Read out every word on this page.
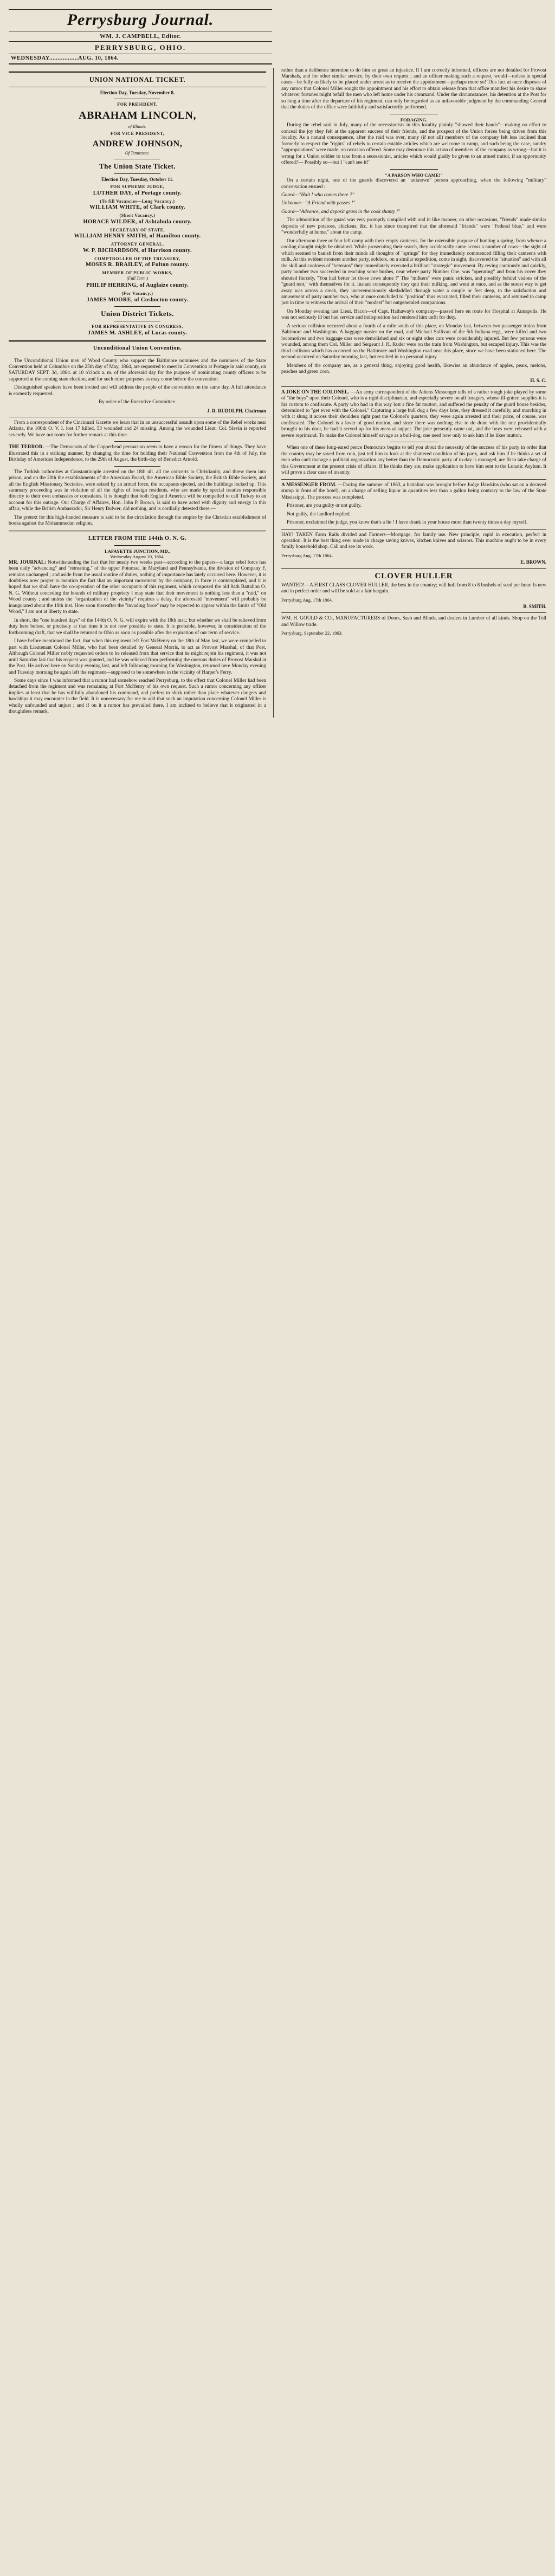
Perrysburg Journal.
WM. J. CAMPBELL, Editor.
PERRYSBURG, OHIO.
WEDNESDAY.................AUG. 10, 1864.
UNION NATIONAL TICKET.
Election Day, Tuesday, November 8.
FOR PRESIDENT,
ABRAHAM LINCOLN,
of Illinois.
FOR VICE PRESIDENT,
ANDREW JOHNSON,
Of Tennessee.
The Union State Ticket.
Election Day, Tuesday, October 11.
FOR SUPREME JUDGE,
LUTHER DAY, of Portage county.
(To fill Vacancies—Long Vacancy.)
WILLIAM WHITE, of Clark county.
(Short Vacancy.)
HORACE WILDER, of Ashtabula county.
SECRETARY OF STATE,
WILLIAM HENRY SMITH, of Hamilton county.
ATTORNEY GENERAL,
W. P. RICHARDSON, of Harrison county.
COMPTROLLER OF THE TREASURY,
MOSES R. BRAILEY, of Fulton county.
MEMBER OF PUBLIC WORKS,
(Full Term.)
PHILIP HERRING, of Auglaize county.
(For Vacancy.)
JAMES MOORE, of Coshocton county.
Union District Tickets.
FOR REPRESENTATIVE IN CONGRESS,
JAMES M. ASHLEY, of Lucas county.
Unconditional Union Convention.

The Unconditional Union men of Wood County who support the Baltimore nominees and the nominees of the State Convention held at Columbus on the 25th day of May, 1864, are requested to meet in Convention at Portage in said county, on SATURDAY SEPT. 3d, 1864. at 10 o'clock a. m. of the aforesaid day for the purpose of nominating county officers to be supported at the coming state election, and for such other purposes as may come before the convention.

Distinguished speakers have been invited and will address the people of the convention on the same day. A full attendance is earnestly requested.

By order of the Executive Committee.

J. R. RUDOLPH, Chairman

From a correspondent of the Cincinnati Gazette we learn that in an unsuccessful assault upon some of the Rebel works near Atlanta, the 100th O. V. I. lost 17 killed, 53 wounded and 24 missing. Among the wounded Lieut. Col. Slevin is reported severely. We have not room for further remark at this time.

THE TERROR. —The Democrats of the Copperhead persuasion seem to have a reason for the fitness of things. They have illustrated this in a striking manner, by changing the time for holding their National Convention from the 4th of July, the Birthday of American Independence, to the 29th of August, the birth-day of Benedict Arnold.

The Turkish authorities at Constantinople arrested on the 18th ult. all the converts to Christianity, and threw them into prison, and on the 20th the establishments of the American Board, the American Bible Society, the British Bible Society, and all the English Missionary Societies, were seized by an armed force, the occupants ejected, and the buildings locked up. This summary proceeding was in violation of all the rights of foreign residents, who are made by special treaties responsible directly to their own embassies or consulates. It is thought that both England America will be compelled to call Turkey to an account for this outrage. Our Charge d' Affaires, Hon. John P. Brown, is said to have acted with dignity and energy in this affair, while the British Ambassador, Sir Henry Bulwer, did nothing, and is cordially detested there.—

The pretext for this high-handed measure is said to be the circulation through the empire by the Christian establishment of books against the Mohammedan religion.

LETTER FROM THE 144th O. N. G.
LAFAYETTE JUNCTION, MD.,
Wednesday August 10, 1864.

MR. JOURNAL: Notwithstanding the fact that for nearly two weeks past—according to the papers—a large rebel force has been daily "advancing" and "retreating," of the upper Potomac, in Maryland and Pennsylvania, the division of Company F, remains unchanged ; and aside from the usual routine of duties, nothing of importance has lately occurred here. However, it is doubtless now proper to mention the fact that an important movement by the company, in force is contemplated, and it is hoped that we shall have the co-operation of the other occupants of this regiment, which composed the old 84th Battalion O. N. G. Without conceding the bounds of military propriety I may state that their movement is nothing less than a "raid," on Wood county ; and unless the "organization of the vicinity" requires a delay, the aforesaid "movement" will probably be inaugurated about the 18th inst. How soon thereafter the "invading force" may be expected to appear within the limits of "Old Wood," I am not at liberty to state.

In short, the "one hundred days" of the 144th O. N. G. will expire with the 18th inst.; but whether we shall be relieved from duty here before, or precisely at that time it is not now possible to state. It is probable, however, in consideration of the forthcoming draft, that we shall be returned to Ohio as soon as possible after the expiration of our term of service.

I have before mentioned the fact, that when this regiment left Fort McHenry on the 18th of May last, we were compelled to part with Lieutenant Colonel Miller, who had been detailed by General Morris, to act as Provost Marshal, of that Post. Although Colonel Miller nobly requested orders to be released from that service that he might rejoin his regiment, it was not until Saturday last that his request was granted, and he was relieved from performing the onerous duties of Provost Marshal at the Post. He arrived here on Sunday evening last, and left following morning for Washington, returned here Monday evening and Tuesday morning he again left the regiment—supposed to be somewhere in the vicinity of Harper's Ferry.

Some days since I was informed that a rumor had somehow reached Perrysburg, to the effect that Colonel Miller had been detached from the regiment and was remaining at Fort McHenry of his own request. Such a rumor concerning any officer implies at least that he has willfully abandoned his command, and prefers to shirk rather than place whatever dangers and hardships it may encounter in the field. It is unnecessary for me to add that such an imputation concerning Colonel Miller is wholly unfounded and unjust ; and if on it a rumor has prevailed there, I am inclined to believe that it originated in a thoughtless remark,

rather than a deliberate intention to do him so great an injustice. If I am correctly informed, officers are not detailed for Provost Marshals, and for other similar service, by their own request ; and an officer making such a request, would—unless in special cases—be fully as likely to be placed under arrest as to receive the appointment—perhaps more so! This fact at once disposes of any rumor that Colonel Miller sought the appointment and his effort to obtain release from that office manifest his desire to share whatever fortunes might befall the men who left home under his command. Under the circumstances, his detention at the Post for so long a time after the departure of his regiment, can only be regarded as an unfavorable judgment by the commanding General that the duties of the office were faithfully and satisfactorily performed.

FORAGING.

During the rebel raid in July, many of the secessionists in this locality plainly "showed their hands"—making no effort to conceal the joy they felt at the apparent success of their friends, and the prospect of the Union forces being driven from this locality. As a natural consequence, after the raid was over, many (if not all) members of the company felt less inclined than formerly to respect the "rights" of rebels to certain eatable articles which are welcome in camp, and such being the case, sundry "appropriations" were made, on occasion offered. Some may denounce this action of members of the company as wrong—but it is wrong for a Union soldier to take from a secessionist, articles which would gladly be given to an armed traitor, if an opportunity offered?— Possibly so—but I "can't see it!"

"A PARSON WHO CAME!"

On a certain night, one of the guards discovered an "unknown" person approaching, when the following "military" conversation ensued :

Guard—"Halt ! who comes there ?"

Unknown—"A Friend with passes !"

Guard—"Advance, and deposit grass in the cook shanty !"

The admonition of the guard was very promptly complied with and in like manner, on other occasions, "friends" made similar deposits of new potatoes, chickens, &c. it has since transpired that the aforesaid "friends" were "Federal blue," and were "wonderfully at home," about the camp.

Our afternoon three or four left camp with their empty canteens, for the ostensible purpose of hunting a spring, from whence a cooling draught might be obtained. While prosecuting their search, they accidentally came across a number of cows—the sight of which seemed to banish from their minds all thoughts of "springs" for they immediately commenced filling their canteens with milk. At this evident moment another party, soldiers, on a similar expedition, come in sight, discovered the "situation" and with all the skill and coolness of "veterans" they immediately executed a brilliant "strategic" movement. By reving cautiously and quickly, party number two succeeded in reaching some bushes, near where party Number One, was "operating" and from his cover they shouted fiercely, "You had better let those cows alone !" The "milkers" were panic stricken, and possibly behind visions of the "guard tent," with themselves for it. Instant consequently they quit their milking, and went at once, and as the surest way to get away was across a creek, they unceremoniously skedaddled through water a couple or feet deep, to the satisfaction and amusement of party number two, who at once concluded to "position" thus evacuated, filled their canteens, and returned to camp just in time to witness the arrival of their "modest" but outgeneraled companions.

On Monday evening last Lieut. Bacon—of Capt. Hathaway's company—passed here en route for Hospital at Annapolis. He was not seriously ill but had service and indisposition had rendered him unfit for duty.

A serious collision occurred about a fourth of a mile south of this place, on Monday last, between two passenger trains from Baltimore and Washington. A baggage master on the road, and Michael Sullivan of the 5th Indiana regt., were killed and two locomotives and two baggage cars were demolished and six or eight other cars were considerably injured. But few persons were wounded, among them Col. Miller and Sergeant J. H. Kuder were on the train from Washington, but escaped injury. This was the third collision which has occurred on the Baltimore and Washington road near this place, since we have been stationed here. The second occurred on Saturday morning last, but resulted in no personal injury.

Members of the company are, as a general thing, enjoying good health, likewise an abundance of apples, pears, melons, peaches and green corn.

H. S. C.

A JOKE ON THE COLONEL. —An army correspondent of the Athens Messenger tells of a rather rough joke played by some of "the boys" upon their Colonel, who is a rigid disciplinarian, and especially severe on all foragers, whose ill-gotten supplies it is his custom to confiscate. A party who had in this way lost a fine fat mutton, and suffered the penalty of the guard house besides, determined to "get even with the Colonel." Capturing a large bull dog a few days later, they dressed it carefully, and marching in with it slung it across their shoulders right past the Colonel's quarters, they were again arrested and their prize, of course, was confiscated. The Colonel is a lover of good mutton, and since there was nothing else to do done with the one providentially brought to his door, he had it served up for his mess at supper. The joke presently came out, and the boys were released with a severe reprimand. To make the Colonel himself savage as a bull-dog, one need now only to ask him if he likes mutton.

When one of these long-eared pence Democrats begins to tell you about the necessity of the success of his party in order that the country may be saved from ruin, just tell him to look at the shattered condition of his party, and ask him if he thinks a set of men who can't manage a political organization any better than the Democratic party of to-day is managed, are fit to take charge of this Government at the present crisis of affairs. If he thinks they are, make application to have him sent to the Lunatic Asylum. It will prove a clear case of insanity.

A MESSENGER FROM. —During the summer of 1863, a battalion was brought before Judge Hawkins (who sat on a decayed stump in front of the hotel), on a charge of selling liquor in quantities less than a gallon being contrary to the law of the State Mississippi. The process was completed.

Prisoner, are you guilty or not guilty.

Not guilty, the landlord replied.

Prisoner, exclaimed the judge, you know that's a lie ! I have drank in your house more than twenty times a day myself.

HAY! TAKEN Farm Rails divided and Farmers—Mortgage, for family use. New principle, rapid in execution, perfect in operation. It is the best thing ever made in charge saving knives, kitchen knives and scissors. This machine ought to be in every family household shop. Call and see its work.

Perrysburg Aug. 17th 1864.
E. BROWN.
CLOVER HULLER

WANTED!—A FIRST CLASS CLOVER HULLER, the best in the country; will hull from 8 to 8 bushels of seed per hour. Is new and in perfect order and will be sold at a fair bargain.

Perrysburg Aug. 17th 1864.
B. SMITH.

WM. H. GOULD & CO., MANUFACTURERS of Doors, Sash and Blinds, and dealers in Lumber of all kinds. Shop on the Toll and Willow trade.

Perrysburg, September 22, 1863.
